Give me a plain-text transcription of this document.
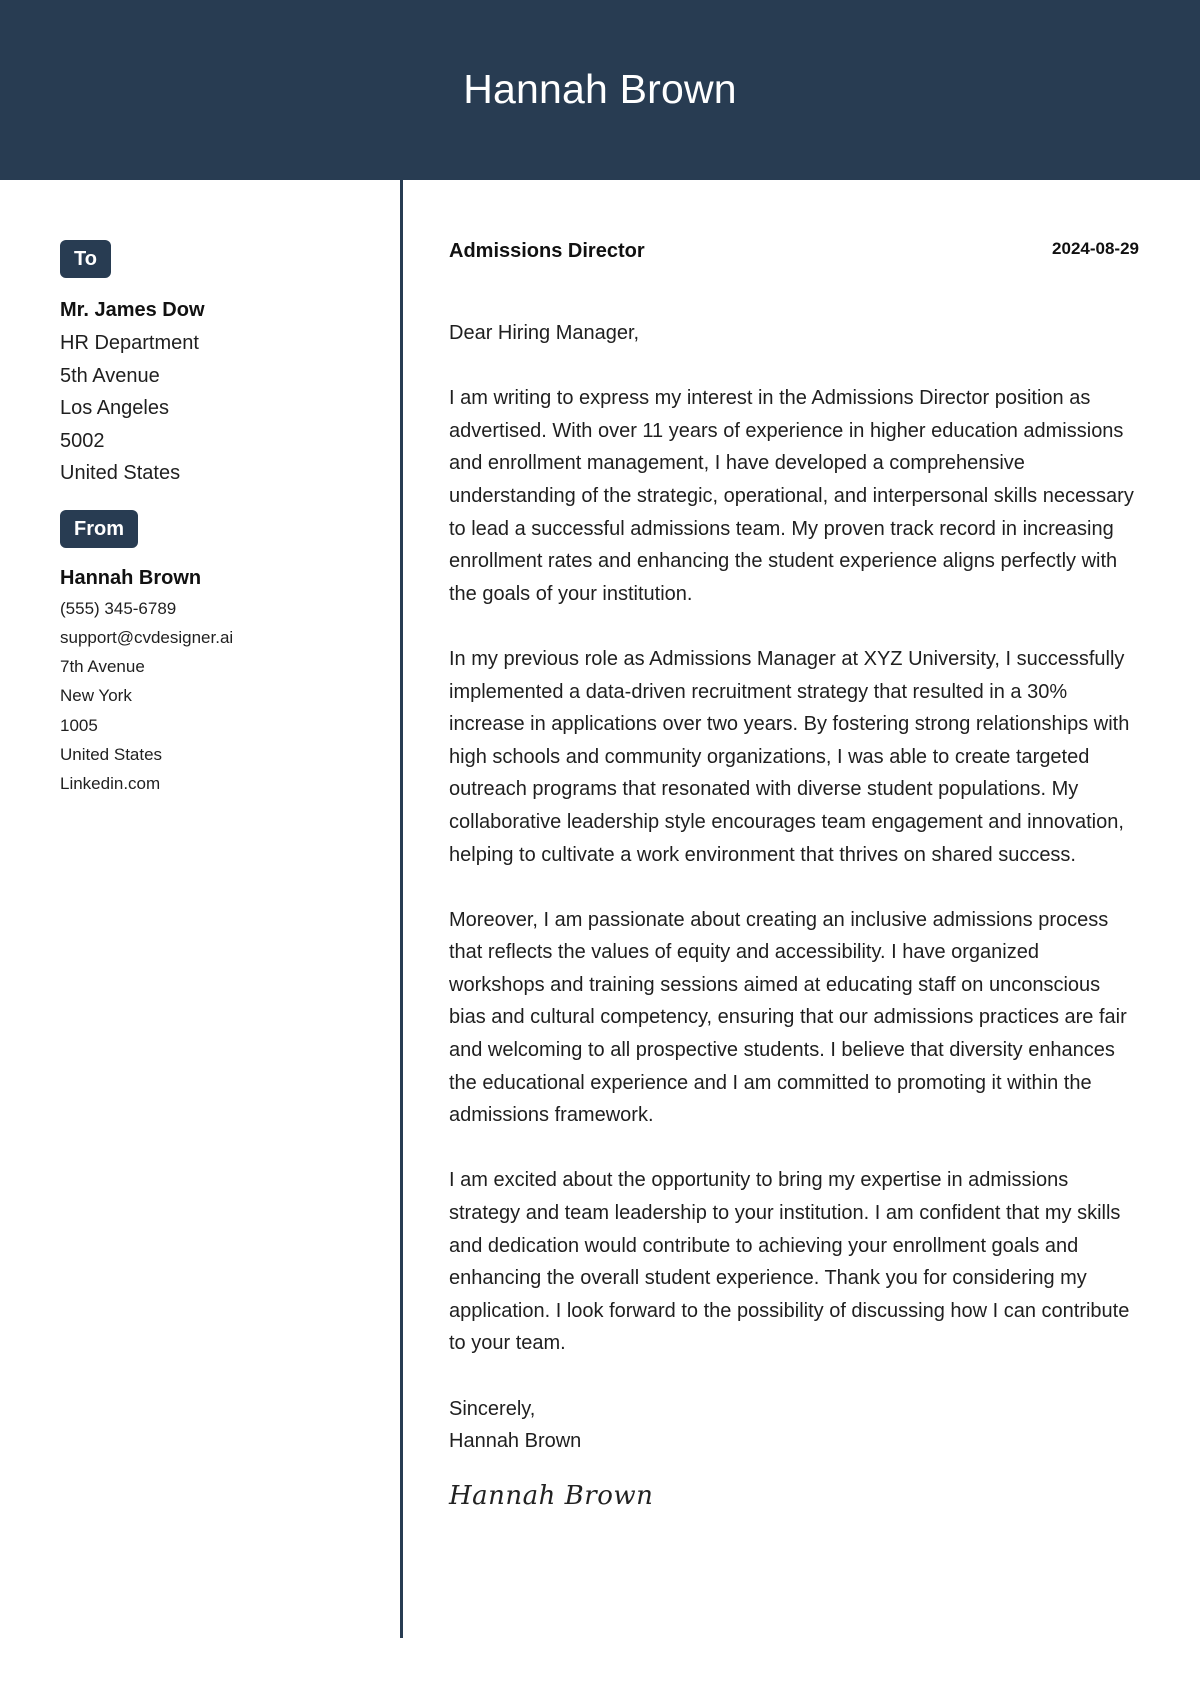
Hannah Brown
To
Mr. James Dow
HR Department
5th Avenue
Los Angeles
5002
United States
From
Hannah Brown
(555) 345-6789
support@cvdesigner.ai
7th Avenue
New York
1005
United States
Linkedin.com
Admissions Director	2024-08-29

Dear Hiring Manager,

I am writing to express my interest in the Admissions Director position as advertised. With over 11 years of experience in higher education admissions and enrollment management, I have developed a comprehensive understanding of the strategic, operational, and interpersonal skills necessary to lead a successful admissions team. My proven track record in increasing enrollment rates and enhancing the student experience aligns perfectly with the goals of your institution.

In my previous role as Admissions Manager at XYZ University, I successfully implemented a data-driven recruitment strategy that resulted in a 30% increase in applications over two years. By fostering strong relationships with high schools and community organizations, I was able to create targeted outreach programs that resonated with diverse student populations. My collaborative leadership style encourages team engagement and innovation, helping to cultivate a work environment that thrives on shared success.

Moreover, I am passionate about creating an inclusive admissions process that reflects the values of equity and accessibility. I have organized workshops and training sessions aimed at educating staff on unconscious bias and cultural competency, ensuring that our admissions practices are fair and welcoming to all prospective students. I believe that diversity enhances the educational experience and I am committed to promoting it within the admissions framework.

I am excited about the opportunity to bring my expertise in admissions strategy and team leadership to your institution. I am confident that my skills and dedication would contribute to achieving your enrollment goals and enhancing the overall student experience. Thank you for considering my application. I look forward to the possibility of discussing how I can contribute to your team.

Sincerely,

Hannah Brown

Hannah Brown
